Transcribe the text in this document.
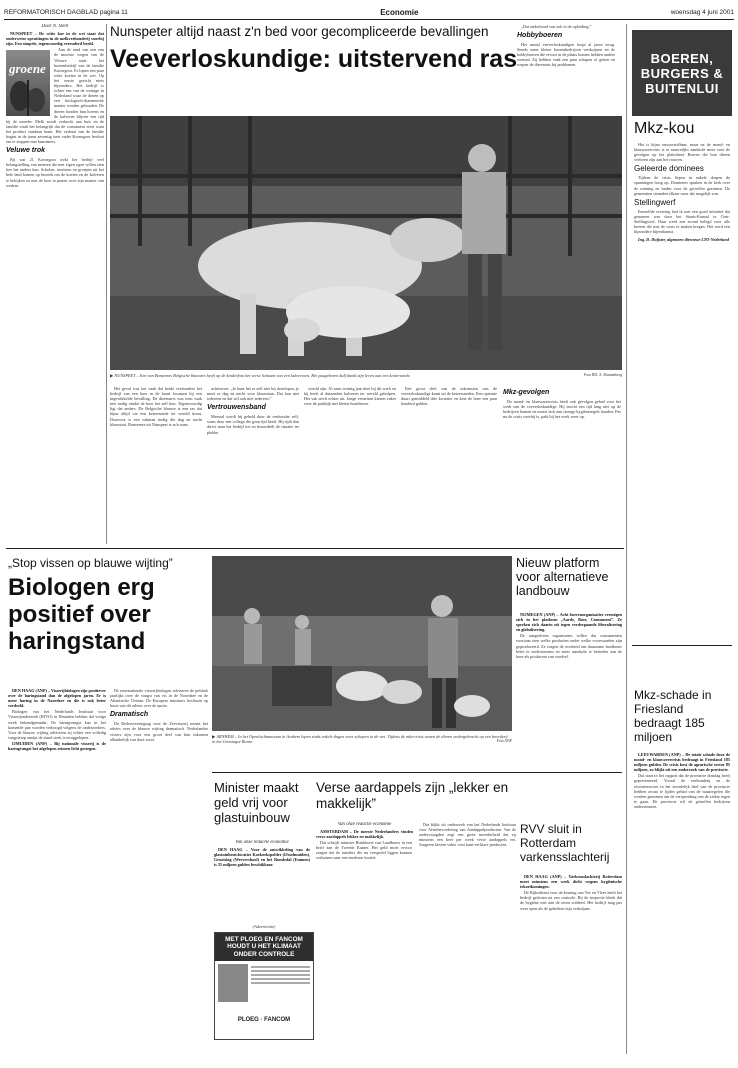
REFORMATORISCH DAGBLAD pagina 11	Economie	woensdag 4 juni 2001
Door N. Sterk

NUNSPEET – De witte koe in de wei staat dat ouderwetse opvattingen in de melkveehouderij voorbij zijn. Een simpele, tegenwoordig verouderd beeld.

groene

Aan de rand van een van de mooiste wegen van de Veluwe staat het boerenbedrijf van de familie Kornegoor. Er lopen een paar witte koeien in de wei. Op het eerste gezicht niets bijzonders. Het bedrijf is echter een van de weinige in Nederland waar de dieren op een biologisch-dynamische manier worden gehouden. De dieren houden hun horens en de kalveren blijven een tijd bij de moeder. Melk wordt verkocht aan huis en de familie vindt het belangrijk dat de consument weet waar het product vandaan komt. Het verhaal van de familie begint in de jaren zeventig toen vader Kornegoor besloot om te stoppen met kunstmest.

Veluwe trok

Bij wat 21 Kornegoor trekt het bedrijf veel belangstelling van mensen die met eigen ogen willen zien hoe het anders kan. Scholen, toeristen en groepen uit het hele land komen op bezoek om de koeien en de kalveren te bekijken en met de boer te praten over zijn manier van werken.

Nunspeter altijd naast z'n bed voor gecompliceerde bevallingen
Veeverloskundige: uitstervend ras
▶ NUNSPEET – Een van Bonsemes Belgische blauwen heeft op de kinderfoto het verse lichaam van een kalvertoen. Het pasgeboren kalf dankt zijn leven aan een keizersnede.	Foto RD, A. Dannenberg

Het geval was het vaak dat beide veehouders het bedrijf van een boer in de buurt kwamen bij een ingewikkelde bevalling. De dierenarts was toen vaak niet nodig omdat de boer het zelf kon. Tegenwoordig ligt dat anders. De Belgische blauwe is een ras dat bijna altijd via een keizersnede ter wereld komt. Daarvoor is een vakman nodig die dag en nacht klaarstaat. Bonsemes uit Nunspeet is zo'n man.

achterover. „Je kunt het er zelf niet bij doorlopen, je moet er dag en nacht voor klaarstaan. Dat kan niet iedereen en dat wil ook niet iedereen.”

Vertrouwensband

Meestal wordt hij gebeld door de veehouder zelf, soms door een collega die geen tijd heeft. Hij rijdt dan direct naar het bedrijf toe en beoordeelt de situatie ter plekke.

schold zijn. Al ruim twintig jaar doet hij dit werk en hij heeft al duizenden kalveren ter wereld geholpen. Het vak sterft echter uit. Jonge veeartsen kiezen vaker voor de praktijk met kleine huisdieren.

Een groot deel van de inkomsten van de veeverloskundige komt uit de keizersneden. Een operatie duurt gemiddeld drie kwartier en kost de boer een paar honderd gulden.

„Dat onderhoud van ook in de opleiding.”

Hobbyboeren

Het aantal veeverloskundigen loopt al jaren terug. Steeds meer kleine boerenbedrijven verdwijnen en de hobbyboeren die ervoor in de plaats komen hebben andere wensen. Zij hebben vaak een paar schapen of geiten en roepen de dierenarts bij problemen.

Mkz-gevolgen

De mond- en klauwzeercrisis heeft ook gevolgen gehad voor het werk van de veeverloskundige. Hij mocht een tijd lang niet op de bedrijven komen en moest zich aan strenge hygiëneregels houden. Pas nu de crisis voorbij is, pakt hij het werk weer op.

BOEREN, BURGERS & BUITENLUI
Mkz-kou

Het is bijna onvoorstelbaar, maar na de mond- en klauwzeercrisis is er nauwelijks aandacht meer voor de gevolgen op het platteland. Boeren die hun dieren verloren zijn aan het rouwen.

Geleerde dominees

Tijdens de crisis liepen in enkele dorpen de spanningen hoog op. Dominees spraken in de kerk over de ruiming en baden voor de getroffen gezinnen. De gemeenten steunden elkaar waar dat mogelijk was.

Stellingwerf

Eenzelfde ervaring had ik met een goed initiatief dat genomen was door het Staats-Kanaal in Oost-Stellingwerf. Daar werd een avond belegd voor alle boeren die met de crisis te maken kregen. Het werd een bijzondere bijeenkomst.

Ing. D. Duijster, algemeen directeur LTO-Nederland

„Stop vissen op blauwe wijting”
Biologen erg positief over haringstand

DEN HAAG (ANP) – Visserijbiologen zijn positiever over de haringstand dan de afgelopen jaren. Er is meer haring in de Noordzee en die is ook beter verdeeld.

Biologen van het Nederlands Instituut voor Visserijonderzoek (RIVO) in IJmuiden hebben dat vorige week bekendgemaakt. De haringvangst kan in het komende jaar worden verhoogd volgens de onderzoekers. Voor de blauwe wijting adviseren zij echter een volledig vangststop omdat de stand sterk is teruggelopen.

IJMUIDEN (ANP) – Bij nationale visserij is de haringvangst het afgelopen seizoen licht gestegen.

De internationale visserijbiologen adviseren de politiek jaarlijks over de vangst van vis in de Noordzee en de Atlantische Oceaan. De Europese ministers beslissen op basis van dit advies over de quota.

Dramatisch

De Redersvereniging voor de Zeevisserij noemt het advies over de blauwe wijting dramatisch. Nederlandse vissers zijn voor een groot deel van hun inkomen afhankelijk van deze soort.

▶ ARNHEM – In het Openluchtmuseum in Arnhem lopen sinds enkele dagen weer schapen in de wei. Tijdens de mkz-crisis waren de dieren ondergebracht op een boerderij in het Groningse Borne.	Foto ANP
Nieuw platform voor alternatieve landbouw

NIJMEGEN (ANP) – Acht boerenorganisaties verenigen zich in het platform „Aarde, Boer, Consument”. Ze spreken zich daarin uit tegen verdergaande liberalisering en globalisering.

De aangesloten organisaties willen dat consumenten voortaan zien welke producten onder welke voorwaarden zijn geproduceerd. Ze vragen de overheid om duurzame landbouw beter te ondersteunen en meer aandacht te besteden aan de boer als producent van voedsel.

Mkz-schade in Friesland bedraagt 185 miljoen

LEEUWARDEN (ANP) – De totale schade door de mond- en klauwzeercrisis bedraagt in Friesland 185 miljoen gulden. De crisis kost de agrarische sector 85 miljoen, zo blijkt uit een onderzoek van de provincie.

Dat staat in het rapport dat de provincie dinsdag heeft gepresenteerd. Vooral de veehouderij en de recreatiesector in het noordelijk deel van de provincie hebben zwaar te lijden gehad van de maatregelen die werden genomen om de verspreiding van de ziekte tegen te gaan. De provincie wil de getroffen bedrijven ondersteunen.

Minister maakt geld vrij voor glastuinbouw
Van onze redactie economie

DEN HAAG – Voor de ontwikkeling van de glastuinbouwlocaties Koekoekspolder (IJsselmuiden), Grootslag (Wervershoof) en het Rundedal (Emmen) is 55 miljoen gulden beschikbaar.

Dat schrijft minister Brinkhorst van Landbouw in een brief aan de Tweede Kamer. Het geld moet ervoor zorgen dat de tuinders die nu verspreid liggen kunnen verhuizen naar een moderne locatie.

(Advertentie)
MET PLOEG EN FANCOM HOUDT U HET KLIMAAT ONDER CONTROLE
PLOEG · FANCOM
Verse aardappels zijn „lekker en makkelijk”
Van onze redactie economie

AMSTERDAM – De meeste Nederlanders vinden verse aardappels lekker en makkelijk.

Dat blijkt uit onderzoek van het Nederlands Instituut voor Afzetbevordering van Aardappelproducten. Van de ondervraagden zegt een grote meerderheid dat zij minstens een keer per week verse aardappels eet. Jongeren kiezen vaker voor kant-en-klare producten.

RVV sluit in Rotterdam varkensslachterij

DEN HAAG (ANP) – Varkensslachterij Rotterdam moet minstens een week dicht wegens hygiënische tekortkomingen.

De Rijksdienst voor de keuring van Vee en Vlees heeft het bedrijf gesloten na een controle. Bij de inspectie bleek dat de hygiëne niet aan de eisen voldeed. Het bedrijf mag pas weer open als de gebreken zijn verholpen.
